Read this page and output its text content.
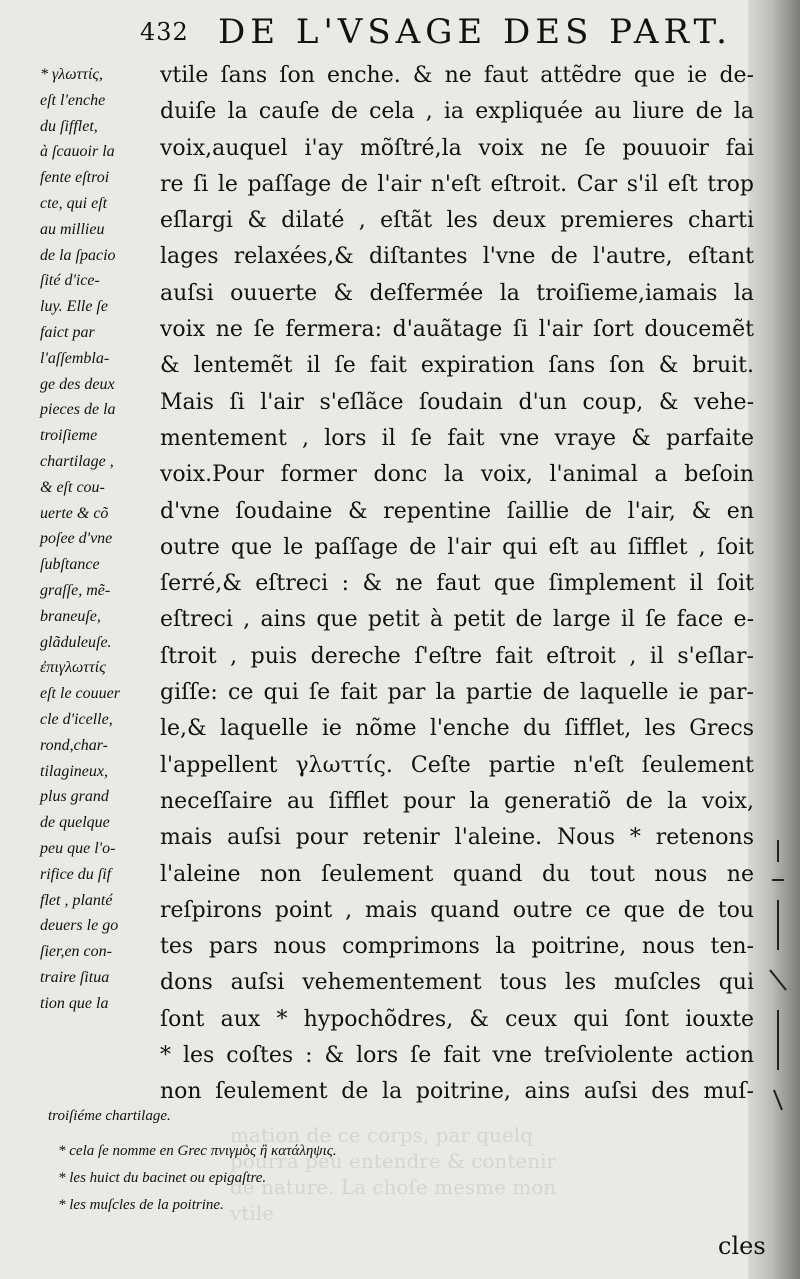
432 DE L'VSAGE DES PART.
* γλωττίς,
eſt l'enche
du ſifflet,
à ſcauoir la
fente eſtroi
cte, qui eſt
au millieu
de la ſpacio
ſité d'ice-
luy. Elle ſe
faict par
l'aſſembla-
ge des deux
pieces de la
troiſieme
chartilage ,
& eſt cou-
uerte & cõ
poſee d'vne
ſubſtance
graſſe, mẽ-
braneuſe,
glãduleuſe.
ἐπιγλωττίς
eſt le couuer
cle d'icelle,
rond,char-
tilagineux,
plus grand
de quelque
peu que l'o-
rifice du ſif
flet , planté
deuers le go
ſier,en con-
traire ſitua
tion que la
vtile ſans ſon enche. & ne faut attẽdre que ie de-
duiſe la cauſe de cela , ia expliquée au liure de la
voix,auquel i'ay mõſtré,la voix ne ſe pouuoir fai
re ſi le paſſage de l'air n'eſt eſtroit. Car s'il eſt trop
eſlargi & dilaté , eſtãt les deux premieres charti
lages relaxées,& diſtantes l'vne de l'autre, eſtant
auſsi ouuerte & deſfermée la troiſieme,iamais la
voix ne ſe fermera: d'auãtage ſi l'air ſort doucemẽt
& lentemẽt il ſe fait expiration ſans ſon & bruit.
Mais ſi l'air s'eſlãce ſoudain d'un coup, & vehe-
mentement , lors il ſe fait vne vraye & parfaite
voix.Pour former donc la voix, l'animal a beſoin
d'vne ſoudaine & repentine ſaillie de l'air, & en
outre que le paſſage de l'air qui eſt au ſifflet , ſoit
ſerré,& eſtreci : & ne faut que ſimplement il ſoit
eſtreci , ains que petit à petit de large il ſe face e-
ſtroit , puis dereche ſ'eſtre fait eſtroit , il s'eſlar-
giſſe: ce qui ſe fait par la partie de laquelle ie par-
le,& laquelle ie nõme l'enche du ſifflet, les Grecs
l'appellent γλωττίς. Ceſte partie n'eſt ſeulement
neceſſaire au ſifflet pour la generatiõ de la voix,
mais auſsi pour retenir l'aleine. Nous * retenons
l'aleine non ſeulement quand du tout nous ne
reſpirons point , mais quand outre ce que de tou
tes pars nous comprimons la poitrine, nous ten-
dons auſsi vehementement tous les muſcles qui
ſont aux * hypochõdres, & ceux qui ſont iouxte
* les coſtes : & lors ſe fait vne treſviolente action
non ſeulement de la poitrine, ains auſsi des muſ-
troiſiéme chartilage.
mation de ce corps, par quelq
pourra peu entendre & contenir
de nature. La choſe mesme mon
vtile
* cela ſe nomme en Grec πνιγμὸς ἢ κατάληψις.
* les huict du bacinet ou epigaſtre.
* les muſcles de la poitrine.
cles
